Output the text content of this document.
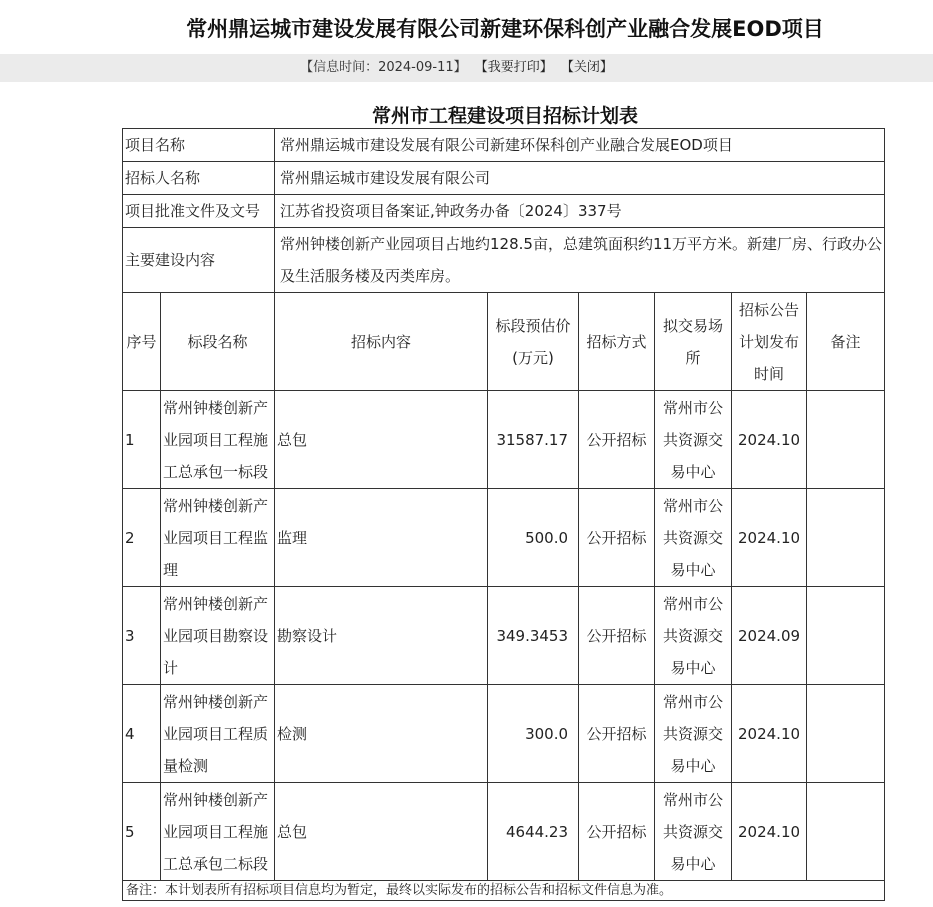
常州鼎运城市建设发展有限公司新建环保科创产业融合发展EOD项目
【信息时间：2024-09-11】 【我要打印】 【关闭】
常州市工程建设项目招标计划表
项目名称		常州鼎运城市建设发展有限公司新建环保科创产业融合发展EOD项目					
招标人名称		常州鼎运城市建设发展有限公司					
项目批准文件及文号		江苏省投资项目备案证,钟政务办备〔2024〕337号					
主要建设内容		常州钟楼创新产业园项目占地约128.5亩，总建筑面积约11万平方米。新建厂房、行政办公及生活服务楼及丙类库房。					
序号	标段名称	招标内容	标段预估价(万元)	招标方式	拟交易场所	招标公告计划发布时间	备注
1	常州钟楼创新产业园项目工程施工总承包一标段	总包	31587.17	公开招标	常州市公共资源交易中心	2024.10	
2	常州钟楼创新产业园项目工程监理	监理	500.0	公开招标	常州市公共资源交易中心	2024.10	
3	常州钟楼创新产业园项目勘察设计	勘察设计	349.3453	公开招标	常州市公共资源交易中心	2024.09	
4	常州钟楼创新产业园项目工程质量检测	检测	300.0	公开招标	常州市公共资源交易中心	2024.10	
5	常州钟楼创新产业园项目工程施工总承包二标段	总包	4644.23	公开招标	常州市公共资源交易中心	2024.10	
备注：本计划表所有招标项目信息均为暂定，最终以实际发布的招标公告和招标文件信息为准。							
